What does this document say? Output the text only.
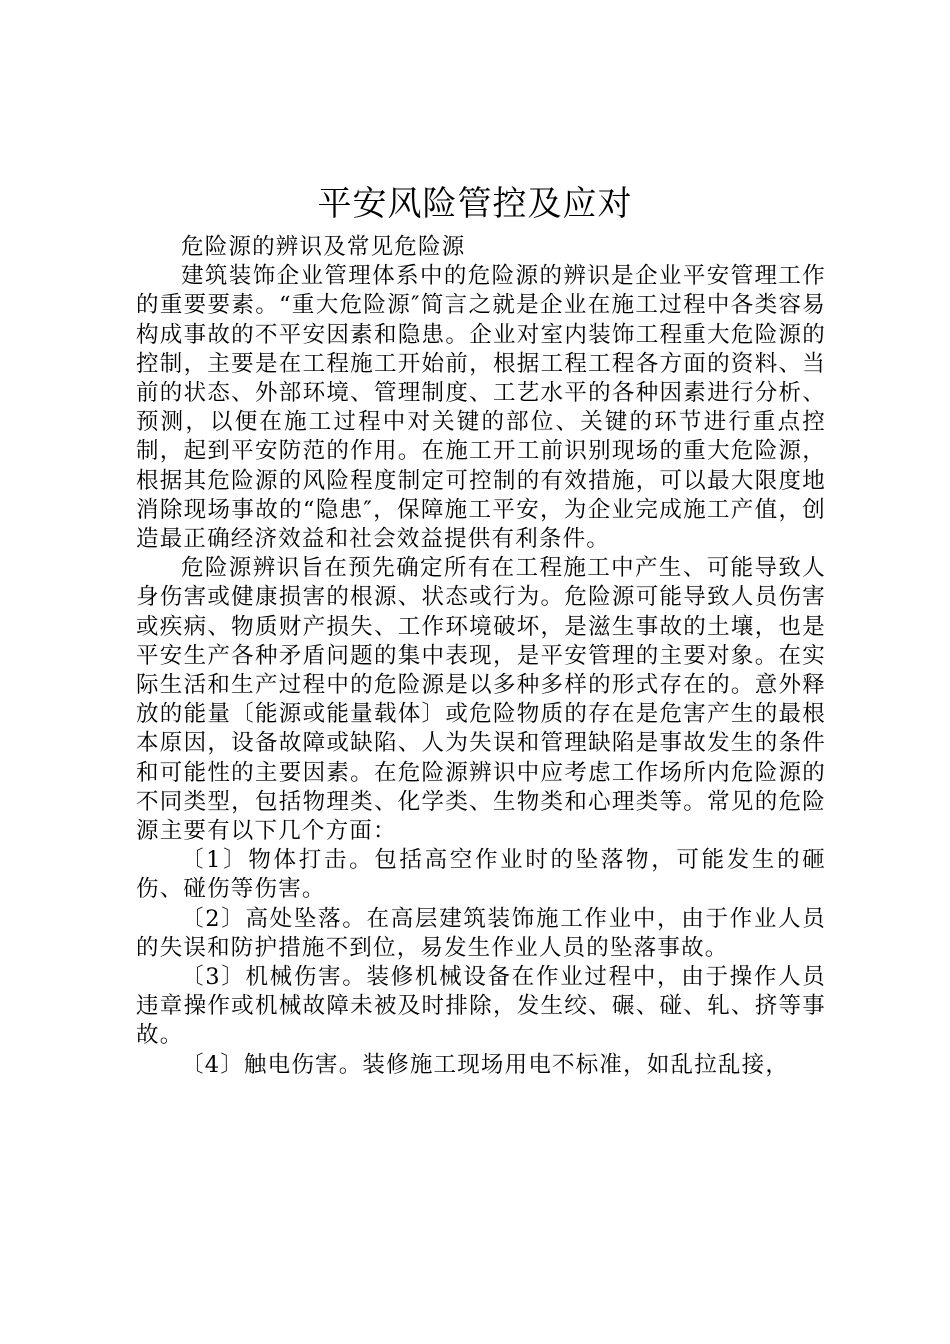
平安风险管控及应对

危险源的辨识及常见危险源

建筑装饰企业管理体系中的危险源的辨识是企业平安管理工作的重要要素。“重大危险源″简言之就是企业在施工过程中各类容易构成事故的不平安因素和隐患。企业对室内装饰工程重大危险源的控制，主要是在工程施工开始前，根据工程工程各方面的资料、当前的状态、外部环境、管理制度、工艺水平的各种因素进行分析、预测，以便在施工过程中对关键的部位、关键的环节进行重点控制，起到平安防范的作用。在施工开工前识别现场的重大危险源，根据其危险源的风险程度制定可控制的有效措施，可以最大限度地消除现场事故的“隐患″，保障施工平安，为企业完成施工产值，创造最正确经济效益和社会效益提供有利条件。

危险源辨识旨在预先确定所有在工程施工中产生、可能导致人身伤害或健康损害的根源、状态或行为。危险源可能导致人员伤害或疾病、物质财产损失、工作环境破坏，是滋生事故的土壤，也是平安生产各种矛盾问题的集中表现，是平安管理的主要对象。在实际生活和生产过程中的危险源是以多种多样的形式存在的。意外释放的能量〔能源或能量载体〕或危险物质的存在是危害产生的最根本原因，设备故障或缺陷、人为失误和管理缺陷是事故发生的条件和可能性的主要因素。在危险源辨识中应考虑工作场所内危险源的不同类型，包括物理类、化学类、生物类和心理类等。常见的危险源主要有以下几个方面：

〔1〕物体打击。包括高空作业时的坠落物，可能发生的砸伤、碰伤等伤害。

〔2〕高处坠落。在高层建筑装饰施工作业中，由于作业人员的失误和防护措施不到位，易发生作业人员的坠落事故。

〔3〕机械伤害。装修机械设备在作业过程中，由于操作人员违章操作或机械故障未被及时排除，发生绞、碾、碰、轧、挤等事故。

〔4〕触电伤害。装修施工现场用电不标准，如乱拉乱接，
